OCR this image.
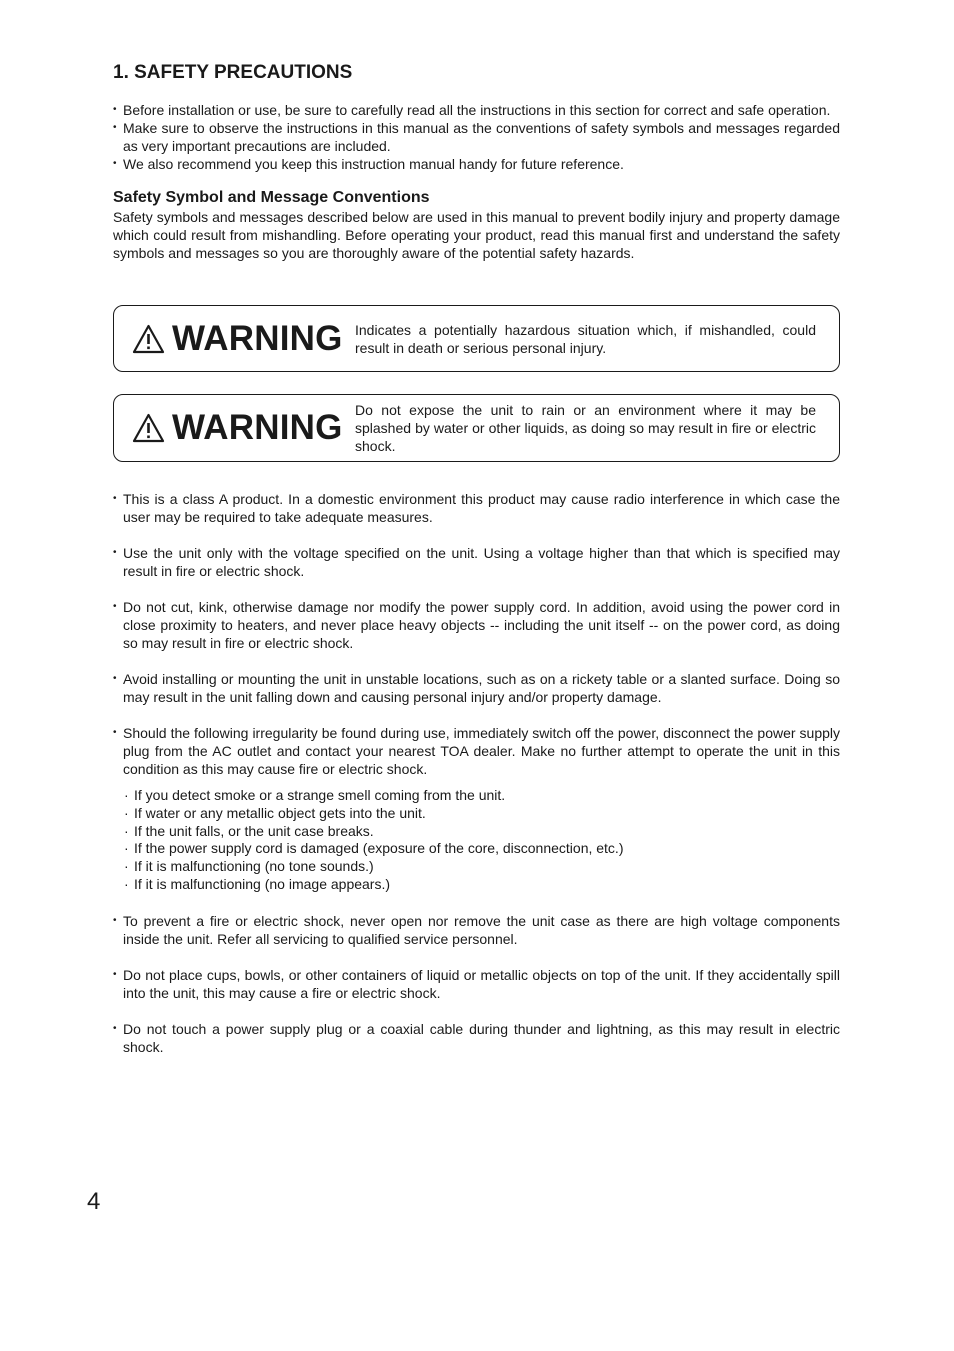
1. SAFETY PRECAUTIONS
• Before installation or use, be sure to carefully read all the instructions in this section for correct and safe operation.
• Make sure to observe the instructions in this manual as the conventions of safety symbols and messages regarded as very important precautions are included.
• We also recommend you keep this instruction manual handy for future reference.
Safety Symbol and Message Conventions

Safety symbols and messages described below are used in this manual to prevent bodily injury and property damage which could result from mishandling. Before operating your product, read this manual first and understand the safety symbols and messages so you are thoroughly aware of the potential safety hazards.

WARNING Indicates a potentially hazardous situation which, if mishandled, could result in death or serious personal injury.
WARNING Do not expose the unit to rain or an environment where it may be splashed by water or other liquids, as doing so may result in fire or electric shock.
• This is a class A product. In a domestic environment this product may cause radio interference in which case the user may be required to take adequate measures.
• Use the unit only with the voltage specified on the unit. Using a voltage higher than that which is specified may result in fire or electric shock.
• Do not cut, kink, otherwise damage nor modify the power supply cord. In addition, avoid using the power cord in close proximity to heaters, and never place heavy objects -- including the unit itself -- on the power cord, as doing so may result in fire or electric shock.
• Avoid installing or mounting the unit in unstable locations, such as on a rickety table or a slanted surface. Doing so may result in the unit falling down and causing personal injury and/or property damage.
• Should the following irregularity be found during use, immediately switch off the power, disconnect the power supply plug from the AC outlet and contact your nearest TOA dealer. Make no further attempt to operate the unit in this condition as this may cause fire or electric shock.
· If you detect smoke or a strange smell coming from the unit.
· If water or any metallic object gets into the unit.
· If the unit falls, or the unit case breaks.
· If the power supply cord is damaged (exposure of the core, disconnection, etc.)
· If it is malfunctioning (no tone sounds.)
· If it is malfunctioning (no image appears.)
• To prevent a fire or electric shock, never open nor remove the unit case as there are high voltage components inside the unit. Refer all servicing to qualified service personnel.
• Do not place cups, bowls, or other containers of liquid or metallic objects on top of the unit. If they accidentally spill into the unit, this may cause a fire or electric shock.
• Do not touch a power supply plug or a coaxial cable during thunder and lightning, as this may result in electric shock.
4
